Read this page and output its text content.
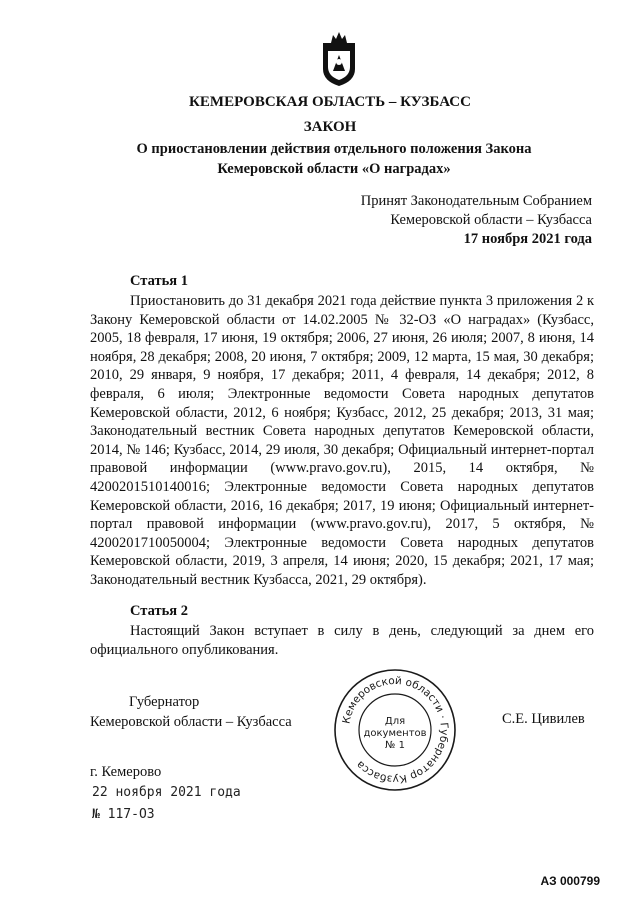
КЕМЕРОВСКАЯ ОБЛАСТЬ – КУЗБАСС
ЗАКОН
О приостановлении действия отдельного положения Закона
Кемеровской области «О наградах»
Принят Законодательным Собранием
Кемеровской области – Кузбасса
17 ноября 2021 года
Статья 1
Приостановить до 31 декабря 2021 года действие пункта 3 приложения 2 к Закону Кемеровской области от 14.02.2005 № 32-ОЗ «О наградах» (Кузбасс, 2005, 18 февраля, 17 июня, 19 октября; 2006, 27 июня, 26 июля; 2007, 8 июня, 14 ноября, 28 декабря; 2008, 20 июня, 7 октября; 2009, 12 марта, 15 мая, 30 декабря; 2010, 29 января, 9 ноября, 17 декабря; 2011, 4 февраля, 14 декабря; 2012, 8 февраля, 6 июля; Электронные ведомости Совета народных депутатов Кемеровской области, 2012, 6 ноября; Кузбасс, 2012, 25 декабря; 2013, 31 мая; Законодательный вестник Совета народных депутатов Кемеровской области, 2014, № 146; Кузбасс, 2014, 29 июля, 30 декабря; Официальный интернет-портал правовой информации (www.pravo.gov.ru), 2015, 14 октября, № 4200201510140016; Электронные ведомости Совета народных депутатов Кемеровской области, 2016, 16 декабря; 2017, 19 июня; Официальный интернет-портал правовой информации (www.pravo.gov.ru), 2017, 5 октября, № 4200201710050004; Электронные ведомости Совета народных депутатов Кемеровской области, 2019, 3 апреля, 14 июня; 2020, 15 декабря; 2021, 17 мая; Законодательный вестник Кузбасса, 2021, 29 октября).
Статья 2
Настоящий Закон вступает в силу в день, следующий за днем его официального опубликования.
Губернатор
Кемеровской области – Кузбасса	Кемеровской области · Губернатор Кузбасса
Для
документов
№ 1
С.Е. Цивилев
г. Кемерово
22 ноября 2021 года
№ 117-ОЗ
АЗ 000799
